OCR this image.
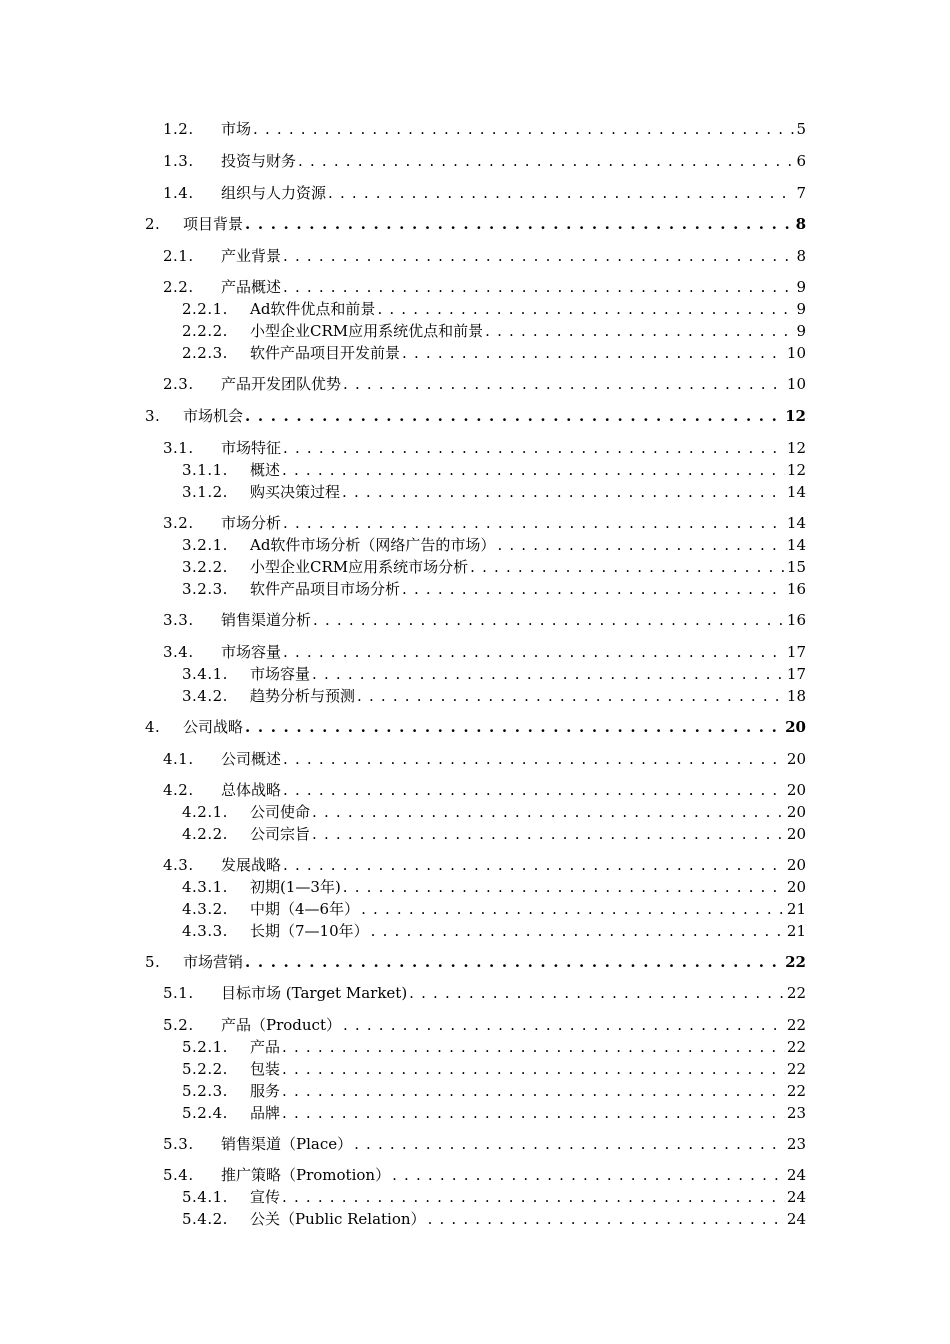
1.2.	市场 . . .	5
1.3.	投资与财务 . . .	6
1.4.	组织与人力资源 . . .	7
2.	项目背景 . . .	8
2.1.	产业背景 . . .	8
2.2.	产品概述 . . .	9
2.2.1.	Ad软件优点和前景 . . .	9
2.2.2.	小型企业CRM应用系统优点和前景 . . .	9
2.2.3.	软件产品项目开发前景 . . .	10
2.3.	产品开发团队优势 . . .	10
3.	市场机会 . . .	12
3.1.	市场特征 . . .	12
3.1.1.	概述 . . .	12
3.1.2.	购买决策过程 . . .	14
3.2.	市场分析 . . .	14
3.2.1.	Ad软件市场分析（网络广告的市场） . . .	14
3.2.2.	小型企业CRM应用系统市场分析 . . .	15
3.2.3.	软件产品项目市场分析 . . .	16
3.3.	销售渠道分析 . . .	16
3.4.	市场容量 . . .	17
3.4.1.	市场容量 . . .	17
3.4.2.	趋势分析与预测 . . .	18
4.	公司战略 . . .	20
4.1.	公司概述 . . .	20
4.2.	总体战略 . . .	20
4.2.1.	公司使命 . . .	20
4.2.2.	公司宗旨 . . .	20
4.3.	发展战略 . . .	20
4.3.1.	初期(1—3年) . . .	20
4.3.2.	中期（4—6年） . . .	21
4.3.3.	长期（7—10年） . . .	21
5.	市场营销 . . .	22
5.1.	目标市场 (Target Market) . . .	22
5.2.	产品（Product） . . .	22
5.2.1.	产品 . . .	22
5.2.2.	包装 . . .	22
5.2.3.	服务 . . .	22
5.2.4.	品牌 . . .	23
5.3.	销售渠道（Place） . . .	23
5.4.	推广策略（Promotion） . . .	24
5.4.1.	宣传 . . .	24
5.4.2.	公关（Public Relation） . . .	24
